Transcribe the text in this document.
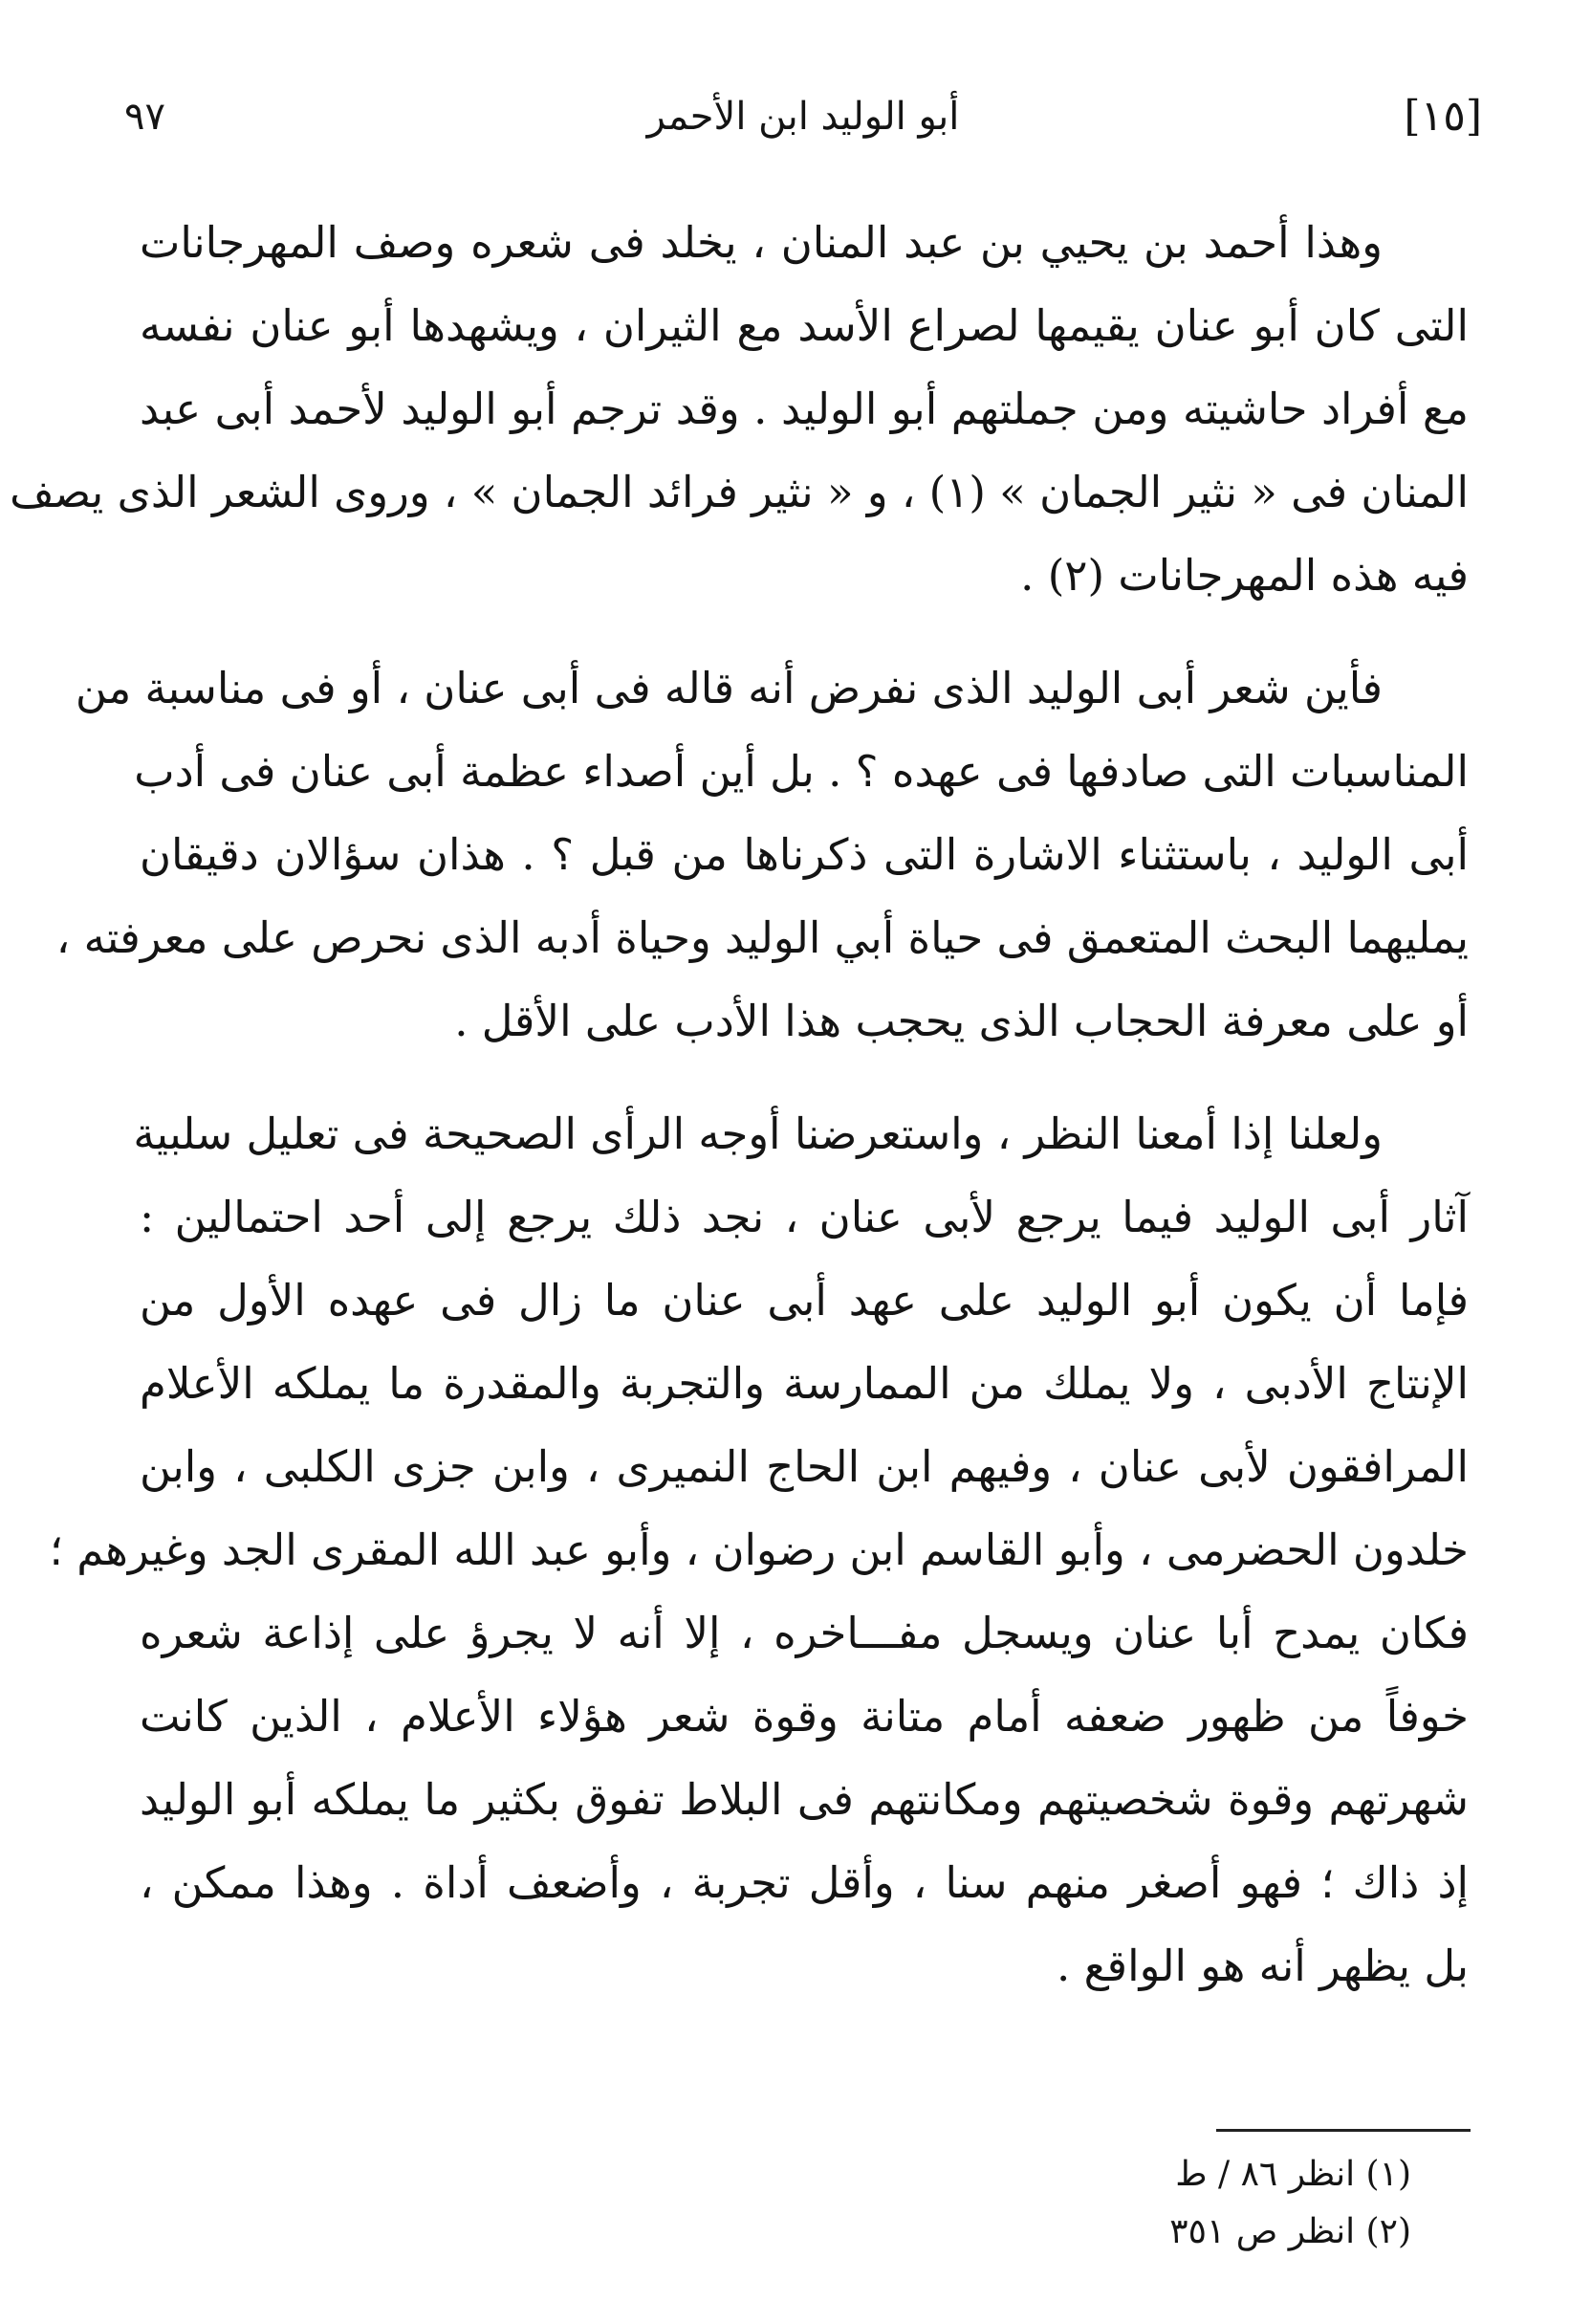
٩٧	أبو الوليد ابن الأحمر	[١٥]

وهذا أحمد بن يحيي بن عبد المنان ، يخلد فى شعره وصف المهرجانات
التى كان أبو عنان يقيمها لصراع الأسد مع الثيران ، ويشهدها أبو عنان نفسه
مع أفراد حاشيته ومن جملتهم أبو الوليد . وقد ترجم أبو الوليد لأحمد أبى عبد
المنان فى « نثير الجمان » (١) ، و « نثير فرائد الجمان » ، وروى الشعر الذى يصف
فيه هذه المهرجانات (٢) .

فأين شعر أبى الوليد الذى نفرض أنه قاله فى أبى عنان ، أو فى مناسبة من
المناسبات التى صادفها فى عهده ؟ . بل أين أصداء عظمة أبى عنان فى أدب
أبى الوليد ، باستثناء الاشارة التى ذكرناها من قبل ؟ . هذان سؤالان دقيقان
يمليهما البحث المتعمق فى حياة أبي الوليد وحياة أدبه الذى نحرص على معرفته ،
أو على معرفة الحجاب الذى يحجب هذا الأدب على الأقل .

ولعلنا إذا أمعنا النظر ، واستعرضنا أوجه الرأى الصحيحة فى تعليل سلبية
آثار أبى الوليد فيما يرجع لأبى عنان ، نجد ذلك يرجع إلى أحد احتمالين :
فإما أن يكون أبو الوليد على عهد أبى عنان ما زال فى عهده الأول من
الإنتاج الأدبى ، ولا يملك من الممارسة والتجربة والمقدرة ما يملكه الأعلام
المرافقون لأبى عنان ، وفيهم ابن الحاج النميرى ، وابن جزى الكلبى ، وابن
خلدون الحضرمى ، وأبو القاسم ابن رضوان ، وأبو عبد الله المقرى الجد وغيرهم ؛
فكان يمدح أبا عنان ويسجل مفـــاخره ، إلا أنه لا يجرؤ على إذاعة شعره
خوفاً من ظهور ضعفه أمام متانة وقوة شعر هؤلاء الأعلام ، الذين كانت
شهرتهم وقوة شخصيتهم ومكانتهم فى البلاط تفوق بكثير ما يملكه أبو الوليد
إذ ذاك ؛ فهو أصغر منهم سنا ، وأقل تجربة ، وأضعف أداة . وهذا ممكن ،
بل يظهر أنه هو الواقع .

(١) انظر ٨٦ / ط
(٢) انظر ص ٣٥١
